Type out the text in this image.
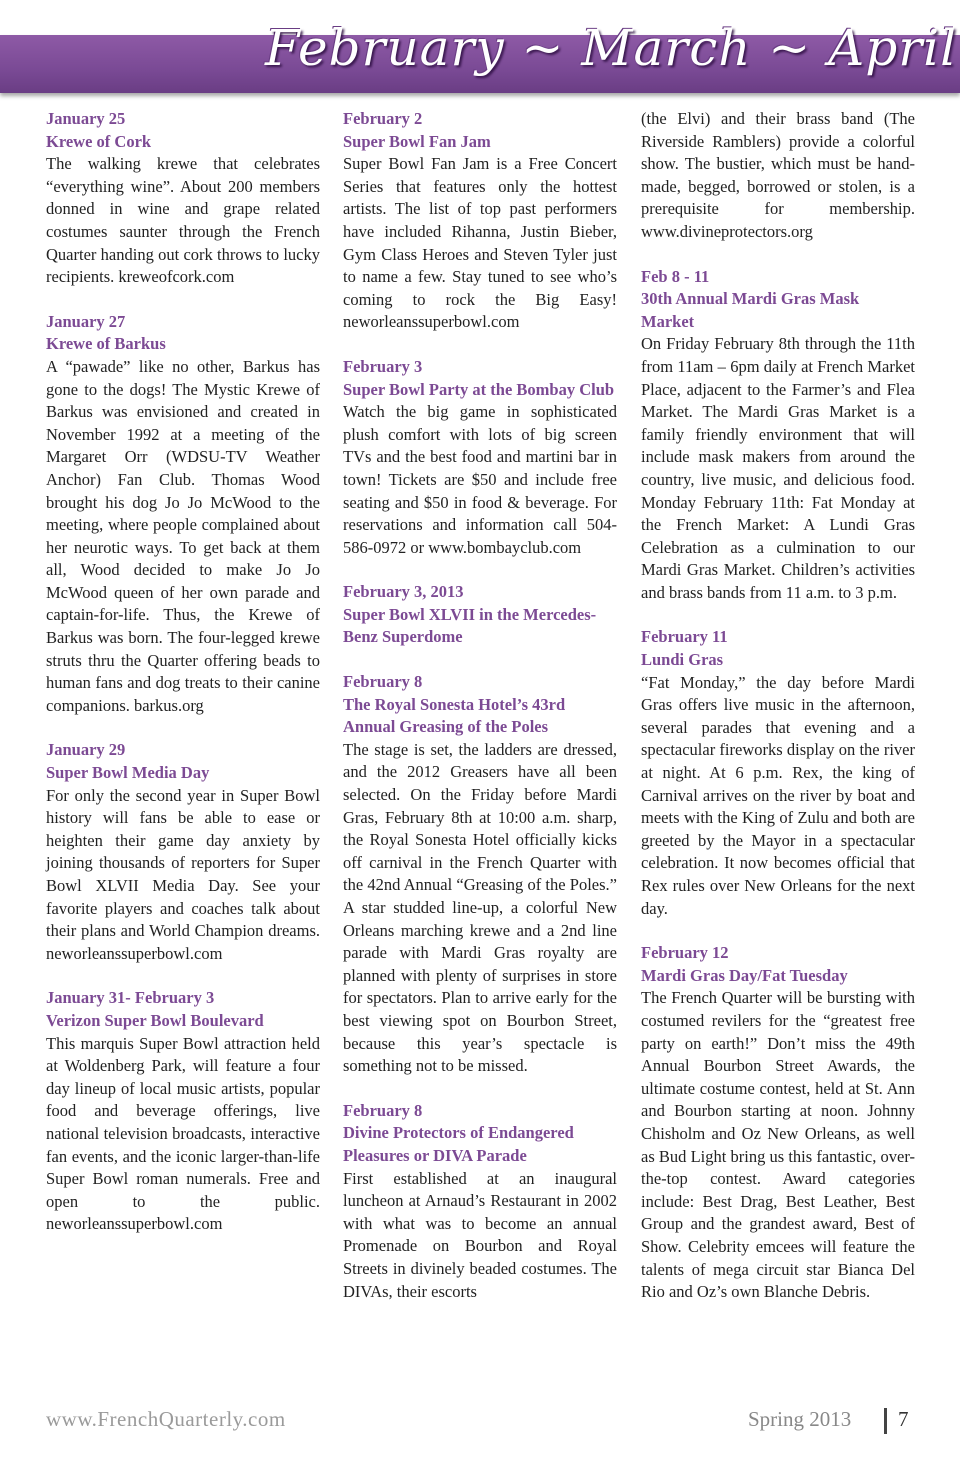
February ~ March ~ April

January 25

Krewe of Cork

The walking krewe that celebrates “everything wine”. About 200 members donned in wine and grape related costumes saunter through the French Quarter handing out cork throws to lucky recipients. kreweofcork.com

January 27

Krewe of Barkus

A “pawade” like no other, Barkus has gone to the dogs! The Mystic Krewe of Barkus was envisioned and created in November 1992 at a meeting of the Margaret Orr (WDSU-TV Weather Anchor) Fan Club. Thomas Wood brought his dog Jo Jo McWood to the meeting, where people complained about her neurotic ways. To get back at them all, Wood decided to make Jo Jo McWood queen of her own parade and captain-for-life. Thus, the Krewe of Barkus was born. The four-legged krewe struts thru the Quarter offering beads to human fans and dog treats to their canine companions. barkus.org

January 29

Super Bowl Media Day

For only the second year in Super Bowl history will fans be able to ease or heighten their game day anxiety by joining thousands of reporters for Super Bowl XLVII Media Day. See your favorite players and coaches talk about their plans and World Champion dreams. neworleanssuperbowl.com

January 31- February 3

Verizon Super Bowl Boulevard

This marquis Super Bowl attraction held at Woldenberg Park, will feature a four day lineup of local music artists, popular food and beverage offerings, live national television broadcasts, interactive fan events, and the iconic larger-than-life Super Bowl roman numerals. Free and open to the public. neworleanssuperbowl.com

February 2

Super Bowl Fan Jam

Super Bowl Fan Jam is a Free Concert Series that features only the hottest artists. The list of top past performers have included Rihanna, Justin Bieber, Gym Class Heroes and Steven Tyler just to name a few. Stay tuned to see who’s coming to rock the Big Easy! neworleanssuperbowl.com

February 3

Super Bowl Party at the Bombay Club

Watch the big game in sophisticated plush comfort with lots of big screen TVs and the best food and martini bar in town! Tickets are $50 and include free seating and $50 in food & beverage. For reservations and information call 504-586-0972 or www.bombayclub.com

February 3, 2013

Super Bowl XLVII in the Mercedes-Benz Superdome

February 8

The Royal Sonesta Hotel’s 43rd Annual Greasing of the Poles

The stage is set, the ladders are dressed, and the 2012 Greasers have all been selected. On the Friday before Mardi Gras, February 8th at 10:00 a.m. sharp, the Royal Sonesta Hotel officially kicks off carnival in the French Quarter with the 42nd Annual “Greasing of the Poles.” A star studded line-up, a colorful New Orleans marching krewe and a 2nd line parade with Mardi Gras royalty are planned with plenty of surprises in store for spectators. Plan to arrive early for the best viewing spot on Bourbon Street, because this year’s spectacle is something not to be missed.

February 8

Divine Protectors of Endangered Pleasures or DIVA Parade

First established at an inaugural luncheon at Arnaud’s Restaurant in 2002 with what was to become an annual Promenade on Bourbon and Royal Streets in divinely beaded costumes. The DIVAs, their escorts

(the Elvi) and their brass band (The Riverside Ramblers) provide a colorful show. The bustier, which must be hand- made, begged, borrowed or stolen, is a prerequisite for membership. www.divineprotectors.org

Feb 8 - 11

30th Annual Mardi Gras Mask Market

On Friday February 8th through the 11th from 11am – 6pm daily at French Market Place, adjacent to the Farmer’s and Flea Market. The Mardi Gras Market is a family friendly environment that will include mask makers from around the country, live music, and delicious food. Monday February 11th: Fat Monday at the French Market: A Lundi Gras Celebration as a culmination to our Mardi Gras Market. Children’s activities and brass bands from 11 a.m. to 3 p.m.

February 11

Lundi Gras

“Fat Monday,” the day before Mardi Gras offers live music in the afternoon, several parades that evening and a spectacular fireworks display on the river at night. At 6 p.m. Rex, the king of Carnival arrives on the river by boat and meets with the King of Zulu and both are greeted by the Mayor in a spectacular celebration. It now becomes official that Rex rules over New Orleans for the next day.

February 12

Mardi Gras Day/Fat Tuesday

The French Quarter will be bursting with costumed revilers for the “greatest free party on earth!” Don’t miss the 49th Annual Bourbon Street Awards, the ultimate costume contest, held at St. Ann and Bourbon starting at noon. Johnny Chisholm and Oz New Orleans, as well as Bud Light bring us this fantastic, over-the-top contest. Award categories include: Best Drag, Best Leather, Best Group and the grandest award, Best of Show. Celebrity emcees will feature the talents of mega circuit star Bianca Del Rio and Oz’s own Blanche Debris.

www.FrenchQuarterly.com	Spring 2013 7
